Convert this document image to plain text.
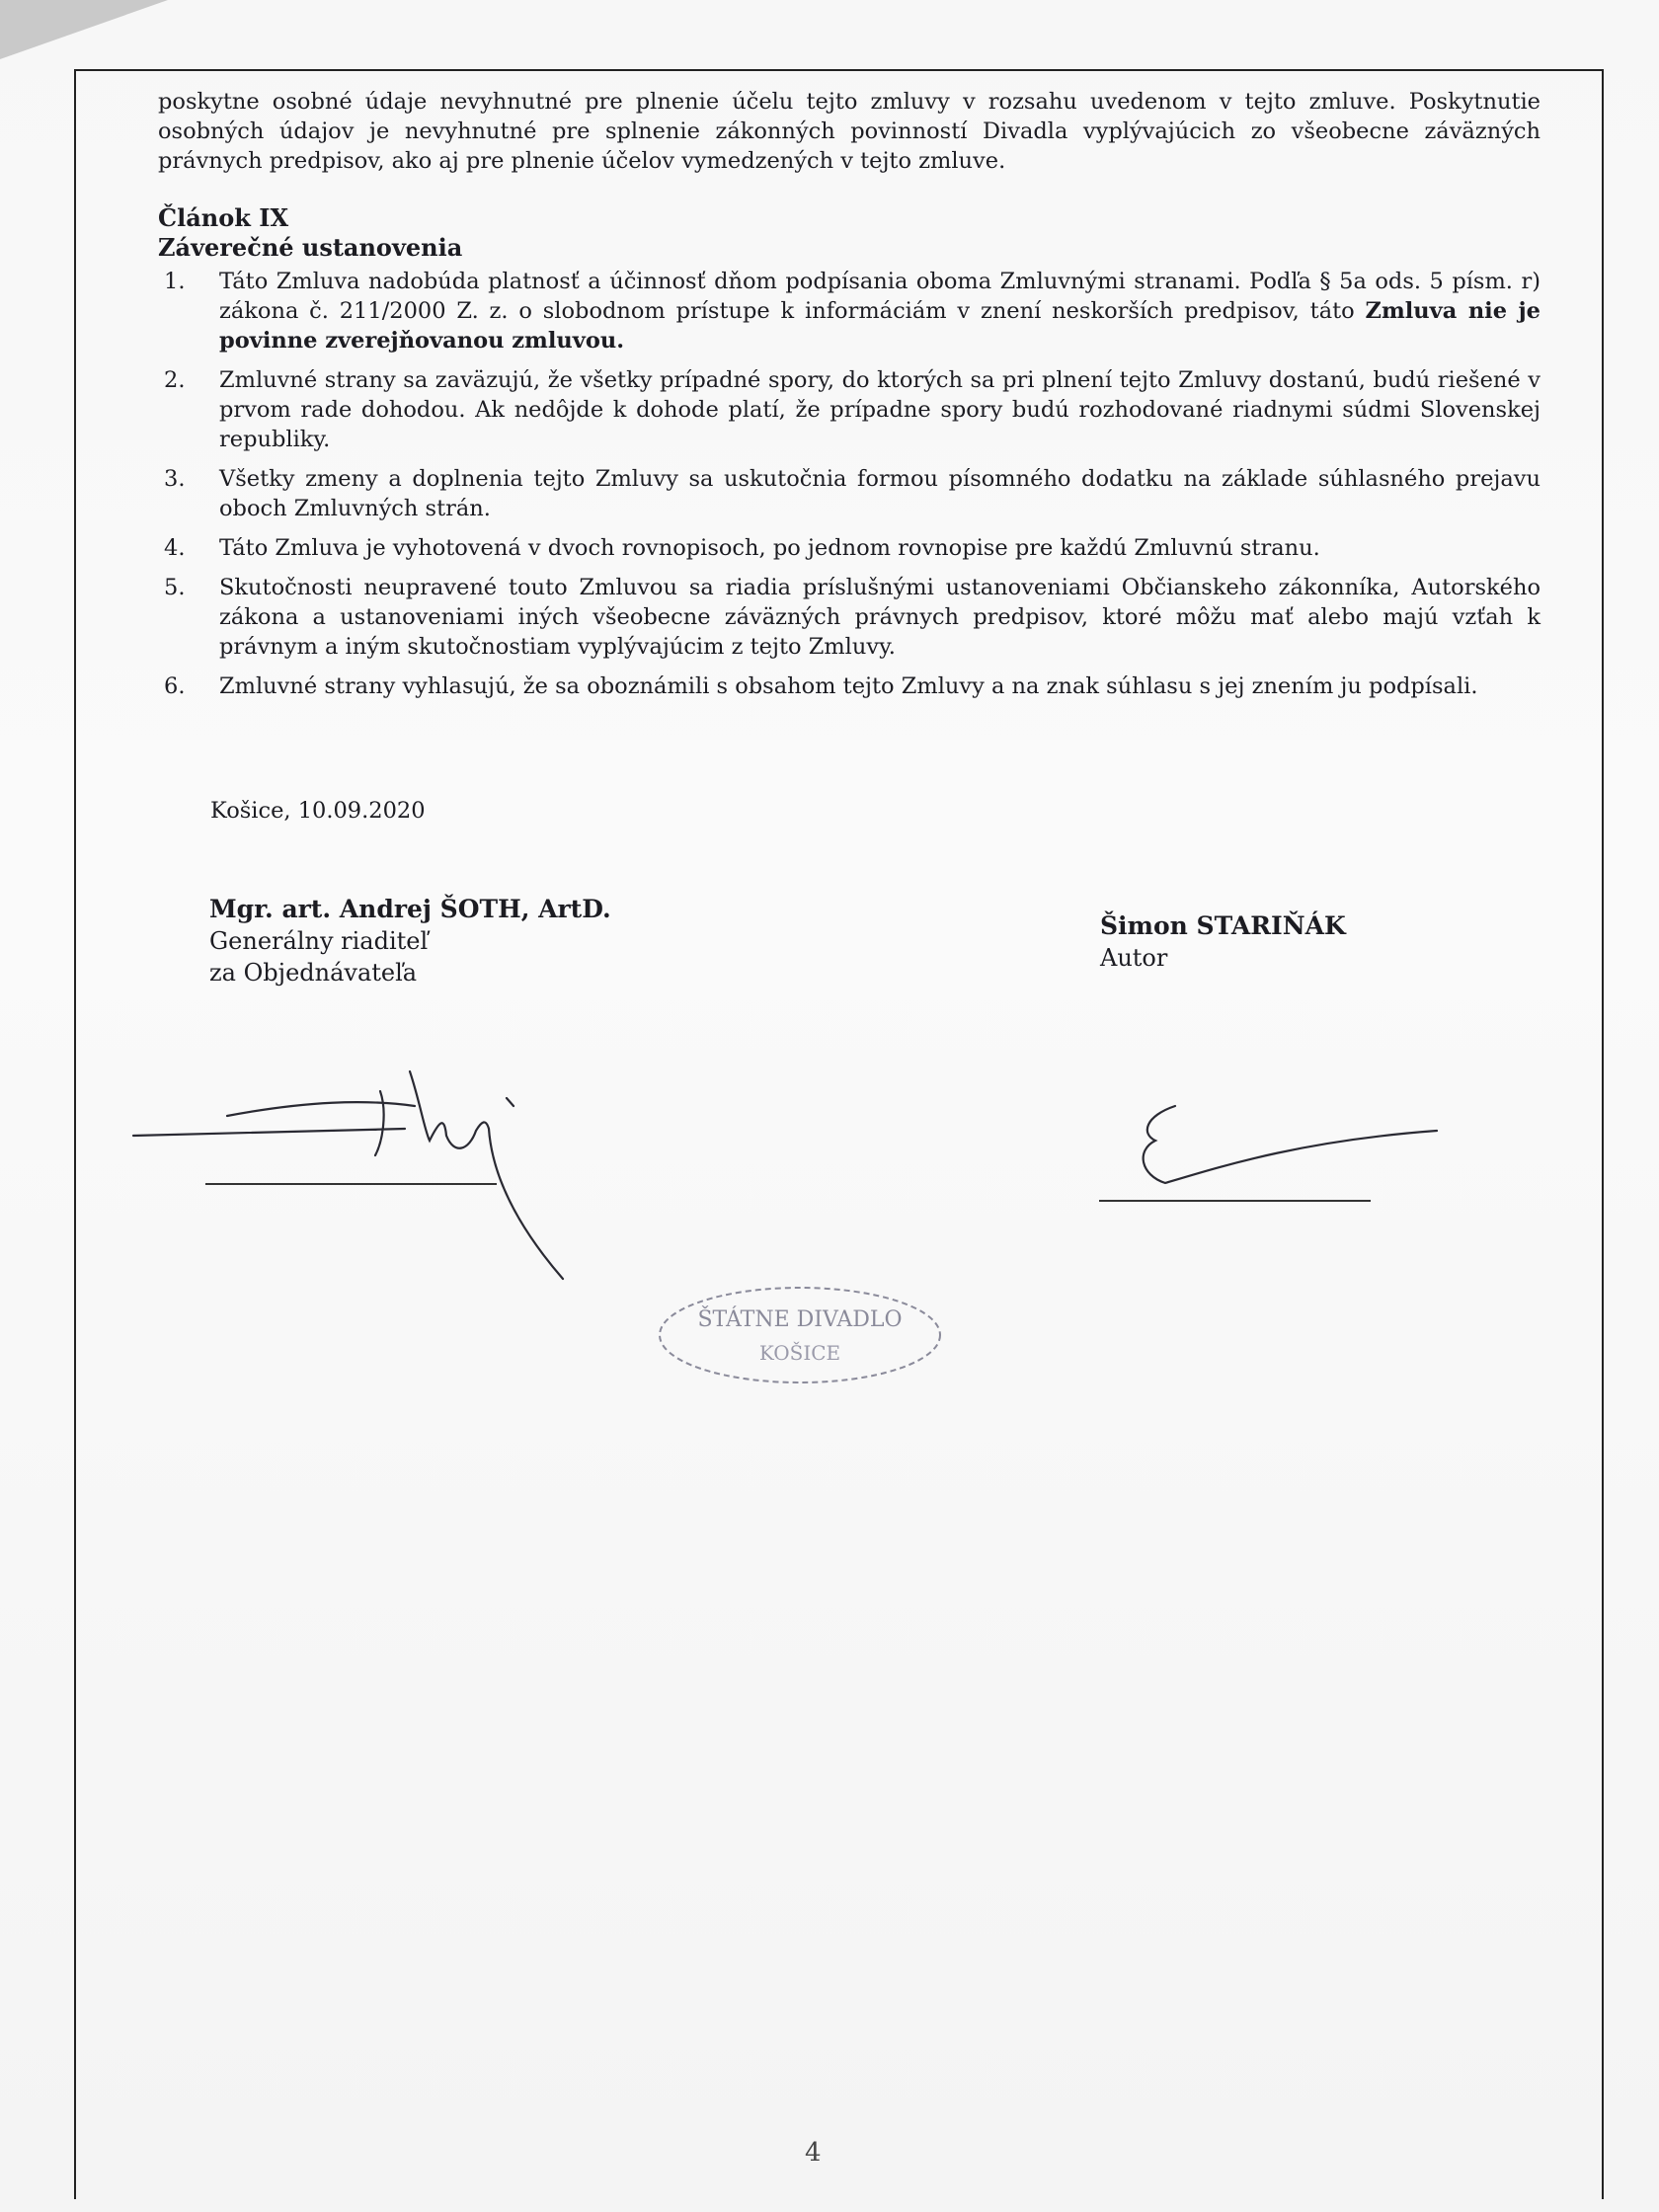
poskytne osobné údaje nevyhnutné pre plnenie účelu tejto zmluvy v rozsahu uvedenom v tejto zmluve. Poskytnutie osobných údajov je nevyhnutné pre splnenie zákonných povinností Divadla vyplývajúcich zo všeobecne záväzných právnych predpisov, ako aj pre plnenie účelov vymedzených v tejto zmluve.

Článok IX

Záverečné ustanovenia

1. Táto Zmluva nadobúda platnosť a účinnosť dňom podpísania oboma Zmluvnými stranami. Podľa § 5a ods. 5 písm. r) zákona č. 211/2000 Z. z. o slobodnom prístupe k informáciám v znení neskorších predpisov, táto Zmluva nie je povinne zverejňovanou zmluvou.
2. Zmluvné strany sa zaväzujú, že všetky prípadné spory, do ktorých sa pri plnení tejto Zmluvy dostanú, budú riešené v prvom rade dohodou. Ak nedôjde k dohode platí, že prípadne spory budú rozhodované riadnymi súdmi Slovenskej republiky.
3. Všetky zmeny a doplnenia tejto Zmluvy sa uskutočnia formou písomného dodatku na základe súhlasného prejavu oboch Zmluvných strán.
4. Táto Zmluva je vyhotovená v dvoch rovnopisoch, po jednom rovnopise pre každú Zmluvnú stranu.
5. Skutočnosti neupravené touto Zmluvou sa riadia príslušnými ustanoveniami Občianskeho zákonníka, Autorského zákona a ustanoveniami iných všeobecne záväzných právnych predpisov, ktoré môžu mať alebo majú vzťah k právnym a iným skutočnostiam vyplývajúcim z tejto Zmluvy.
6. Zmluvné strany vyhlasujú, že sa oboznámili s obsahom tejto Zmluvy a na znak súhlasu s jej znením ju podpísali.
Košice, 10.09.2020
Mgr. art. Andrej ŠOTH, ArtD.
Generálny riaditeľ
za Objednávateľa
Šimon STARIŇÁK
Autor
ŠTÁTNE DIVADLO
KOŠICE
4
